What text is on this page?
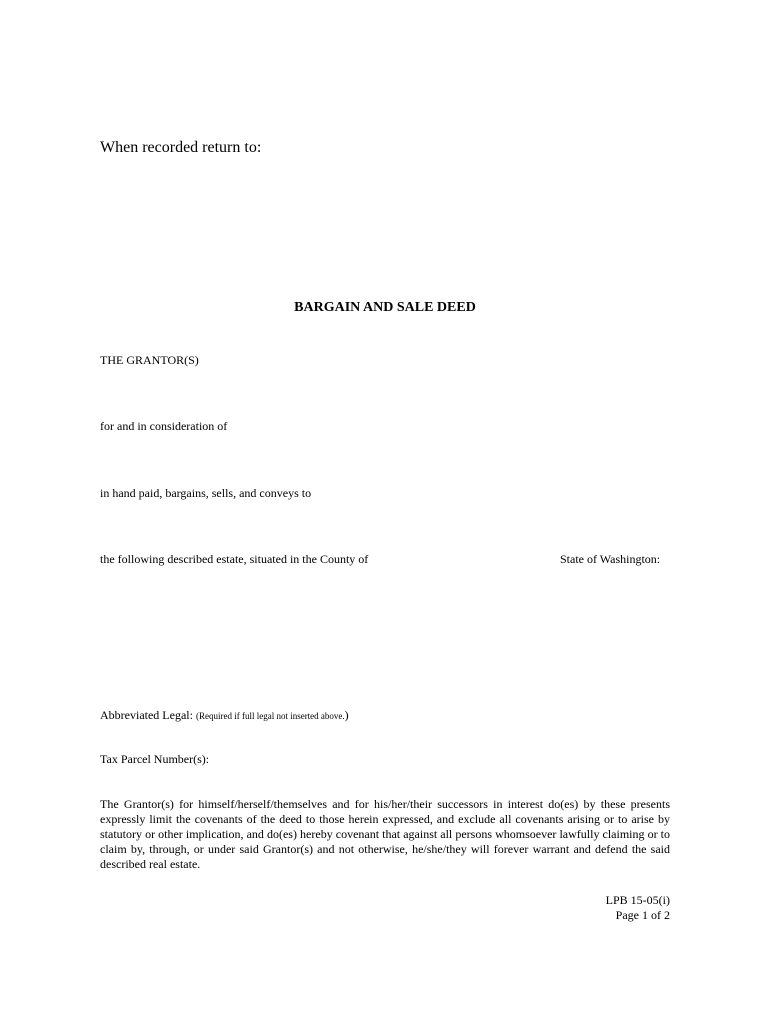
When recorded return to:
BARGAIN AND SALE DEED
THE GRANTOR(S)
for and in consideration of
in hand paid, bargains, sells, and conveys to
the following described estate, situated in the County of	State of Washington:
Abbreviated Legal: (Required if full legal not inserted above.)
Tax Parcel Number(s):
The Grantor(s) for himself/herself/themselves and for his/her/their successors in interest do(es) by these presents expressly limit the covenants of the deed to those herein expressed, and exclude all covenants arising or to arise by statutory or other implication, and do(es) hereby covenant that against all persons whomsoever lawfully claiming or to claim by, through, or under said Grantor(s) and not otherwise, he/she/they will forever warrant and defend the said described real estate.
LPB 15-05(i)
Page 1 of 2
